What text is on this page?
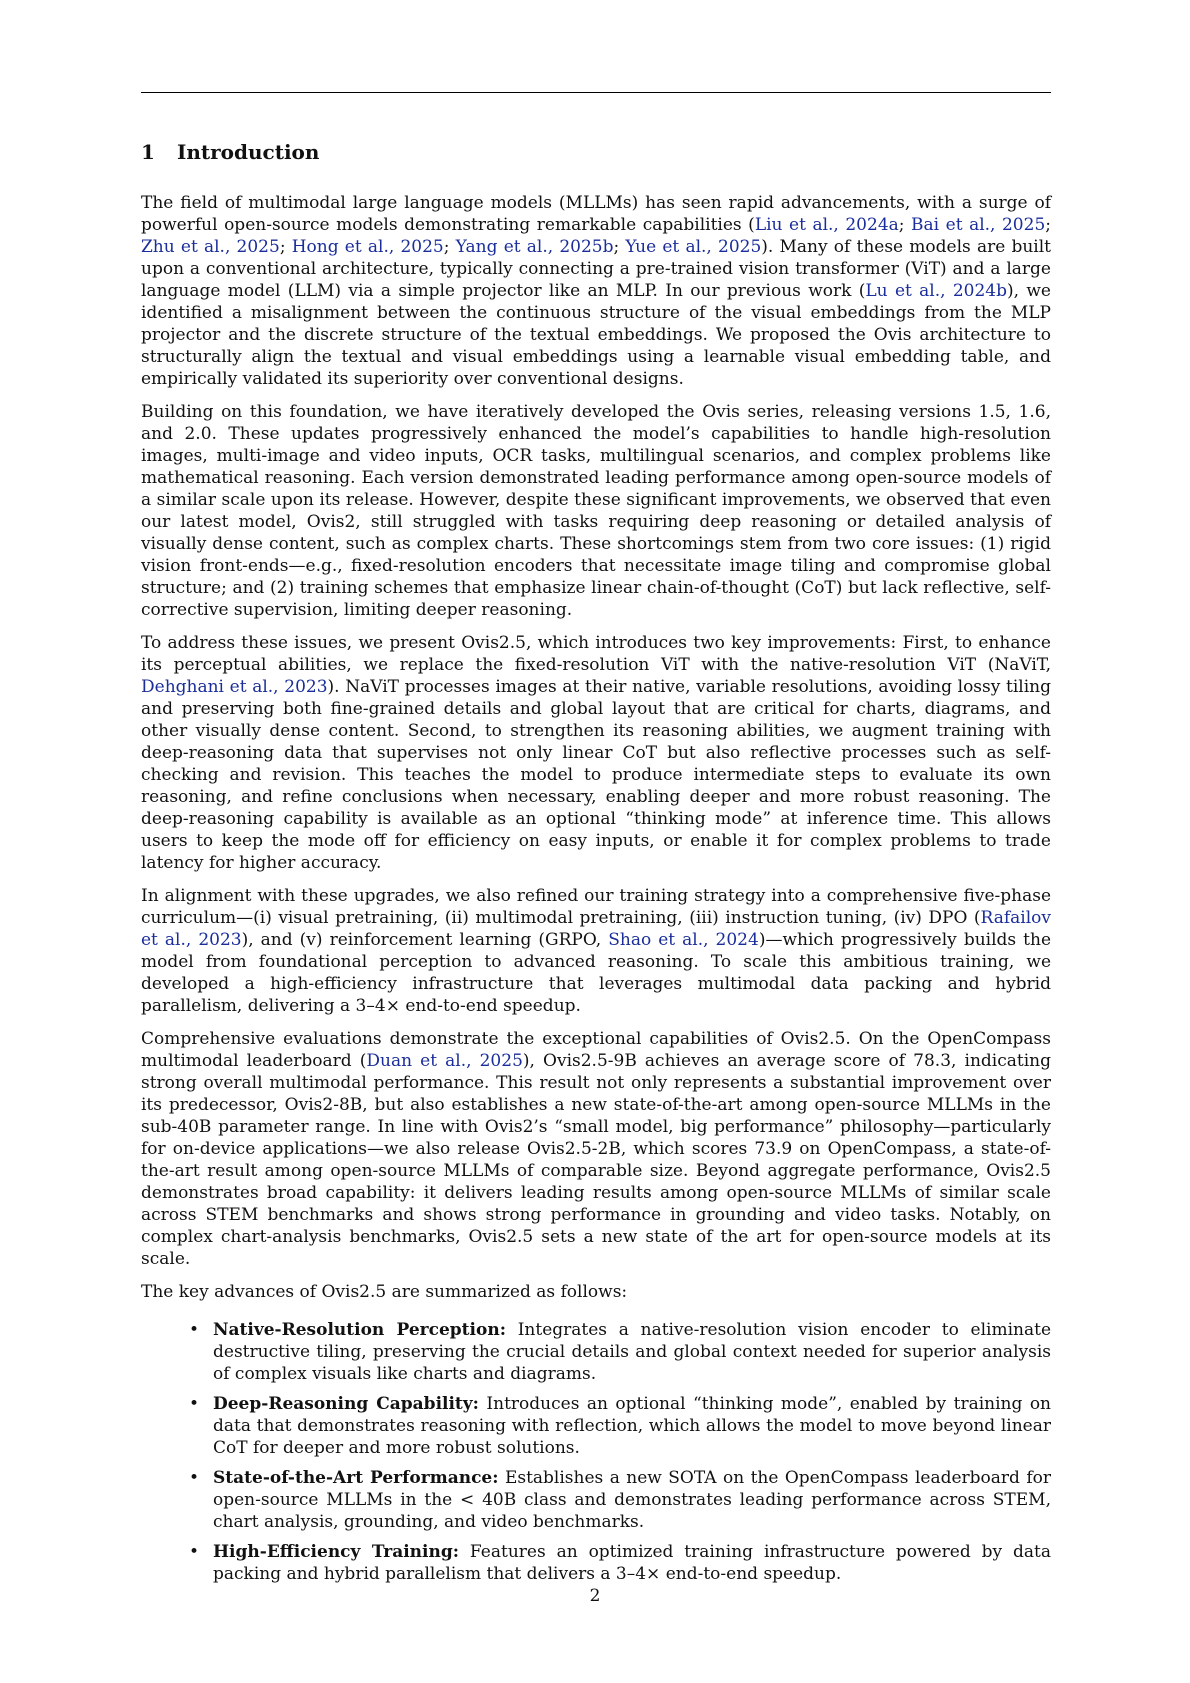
1 Introduction

The field of multimodal large language models (MLLMs) has seen rapid advancements, with a surge of powerful open-source models demonstrating remarkable capabilities (Liu et al., 2024a; Bai et al., 2025; Zhu et al., 2025; Hong et al., 2025; Yang et al., 2025b; Yue et al., 2025). Many of these models are built upon a conventional architecture, typically connecting a pre-trained vision transformer (ViT) and a large language model (LLM) via a simple projector like an MLP. In our previous work (Lu et al., 2024b), we identified a misalignment between the continuous structure of the visual embeddings from the MLP projector and the discrete structure of the textual embeddings. We proposed the Ovis architecture to structurally align the textual and visual embeddings using a learnable visual embedding table, and empirically validated its superiority over conventional designs.

Building on this foundation, we have iteratively developed the Ovis series, releasing versions 1.5, 1.6, and 2.0. These updates progressively enhanced the model’s capabilities to handle high-resolution images, multi-image and video inputs, OCR tasks, multilingual scenarios, and complex problems like mathematical reasoning. Each version demonstrated leading performance among open-source models of a similar scale upon its release. However, despite these significant improvements, we observed that even our latest model, Ovis2, still struggled with tasks requiring deep reasoning or detailed analysis of visually dense content, such as complex charts. These shortcomings stem from two core issues: (1) rigid vision front-ends—e.g., fixed-resolution encoders that necessitate image tiling and compromise global structure; and (2) training schemes that emphasize linear chain-of-thought (CoT) but lack reflective, self-corrective supervision, limiting deeper reasoning.

To address these issues, we present Ovis2.5, which introduces two key improvements: First, to enhance its perceptual abilities, we replace the fixed-resolution ViT with the native-resolution ViT (NaViT, Dehghani et al., 2023). NaViT processes images at their native, variable resolutions, avoiding lossy tiling and preserving both fine-grained details and global layout that are critical for charts, diagrams, and other visually dense content. Second, to strengthen its reasoning abilities, we augment training with deep-reasoning data that supervises not only linear CoT but also reflective processes such as self-checking and revision. This teaches the model to produce intermediate steps to evaluate its own reasoning, and refine conclusions when necessary, enabling deeper and more robust reasoning. The deep-reasoning capability is available as an optional “thinking mode” at inference time. This allows users to keep the mode off for efficiency on easy inputs, or enable it for complex problems to trade latency for higher accuracy.

In alignment with these upgrades, we also refined our training strategy into a comprehensive five-phase curriculum—(i) visual pretraining, (ii) multimodal pretraining, (iii) instruction tuning, (iv) DPO (Rafailov et al., 2023), and (v) reinforcement learning (GRPO, Shao et al., 2024)—which progressively builds the model from foundational perception to advanced reasoning. To scale this ambitious training, we developed a high-efficiency infrastructure that leverages multimodal data packing and hybrid parallelism, delivering a 3–4× end-to-end speedup.

Comprehensive evaluations demonstrate the exceptional capabilities of Ovis2.5. On the OpenCompass multimodal leaderboard (Duan et al., 2025), Ovis2.5-9B achieves an average score of 78.3, indicating strong overall multimodal performance. This result not only represents a substantial improvement over its predecessor, Ovis2-8B, but also establishes a new state-of-the-art among open-source MLLMs in the sub-40B parameter range. In line with Ovis2’s “small model, big performance” philosophy—particularly for on-device applications—we also release Ovis2.5-2B, which scores 73.9 on OpenCompass, a state-of-the-art result among open-source MLLMs of comparable size. Beyond aggregate performance, Ovis2.5 demonstrates broad capability: it delivers leading results among open-source MLLMs of similar scale across STEM benchmarks and shows strong performance in grounding and video tasks. Notably, on complex chart-analysis benchmarks, Ovis2.5 sets a new state of the art for open-source models at its scale.

The key advances of Ovis2.5 are summarized as follows:

• Native-Resolution Perception: Integrates a native-resolution vision encoder to eliminate destructive tiling, preserving the crucial details and global context needed for superior analysis of complex visuals like charts and diagrams.
• Deep-Reasoning Capability: Introduces an optional “thinking mode”, enabled by training on data that demonstrates reasoning with reflection, which allows the model to move beyond linear CoT for deeper and more robust solutions.
• State-of-the-Art Performance: Establishes a new SOTA on the OpenCompass leaderboard for open-source MLLMs in the < 40B class and demonstrates leading performance across STEM, chart analysis, grounding, and video benchmarks.
• High-Efficiency Training: Features an optimized training infrastructure powered by data packing and hybrid parallelism that delivers a 3–4× end-to-end speedup.
2
